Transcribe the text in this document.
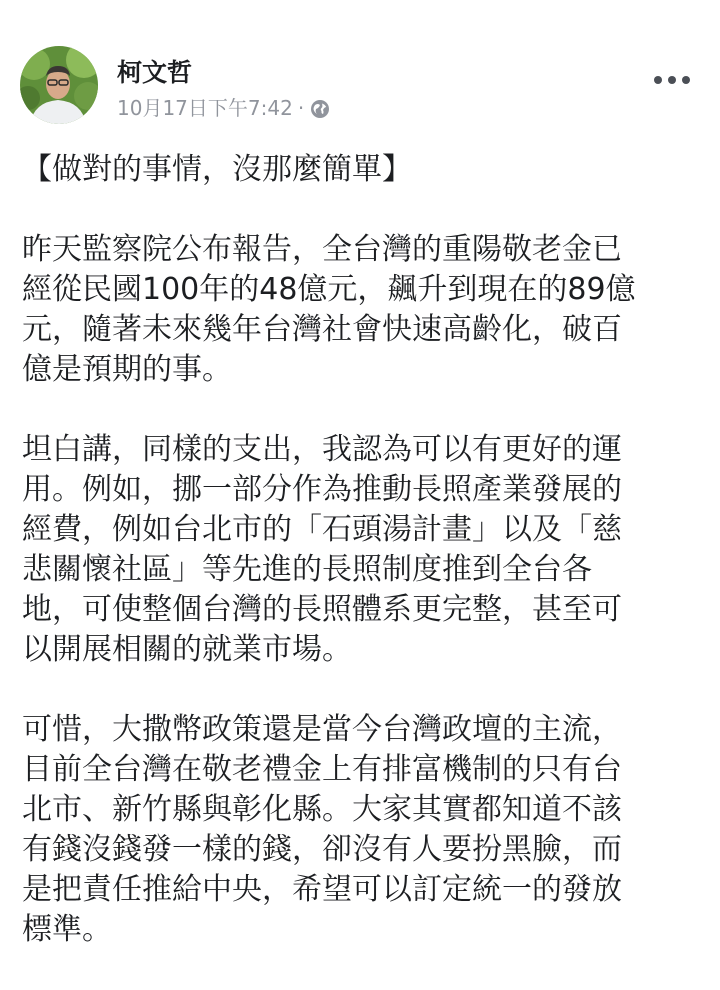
柯文哲
10月17日下午7:42 ·

【做對的事情，沒那麼簡單】

昨天監察院公布報告，全台灣的重陽敬老金已
經從民國100年的48億元，飆升到現在的89億
元，隨著未來幾年台灣社會快速高齡化，破百
億是預期的事。

坦白講，同樣的支出，我認為可以有更好的運
用。例如，挪一部分作為推動長照產業發展的
經費，例如台北市的「石頭湯計畫」以及「慈
悲關懷社區」等先進的長照制度推到全台各
地，可使整個台灣的長照體系更完整，甚至可
以開展相關的就業市場。

可惜，大撒幣政策還是當今台灣政壇的主流，
目前全台灣在敬老禮金上有排富機制的只有台
北市、新竹縣與彰化縣。大家其實都知道不該
有錢沒錢發一樣的錢，卻沒有人要扮黑臉，而
是把責任推給中央，希望可以訂定統一的發放
標準。
